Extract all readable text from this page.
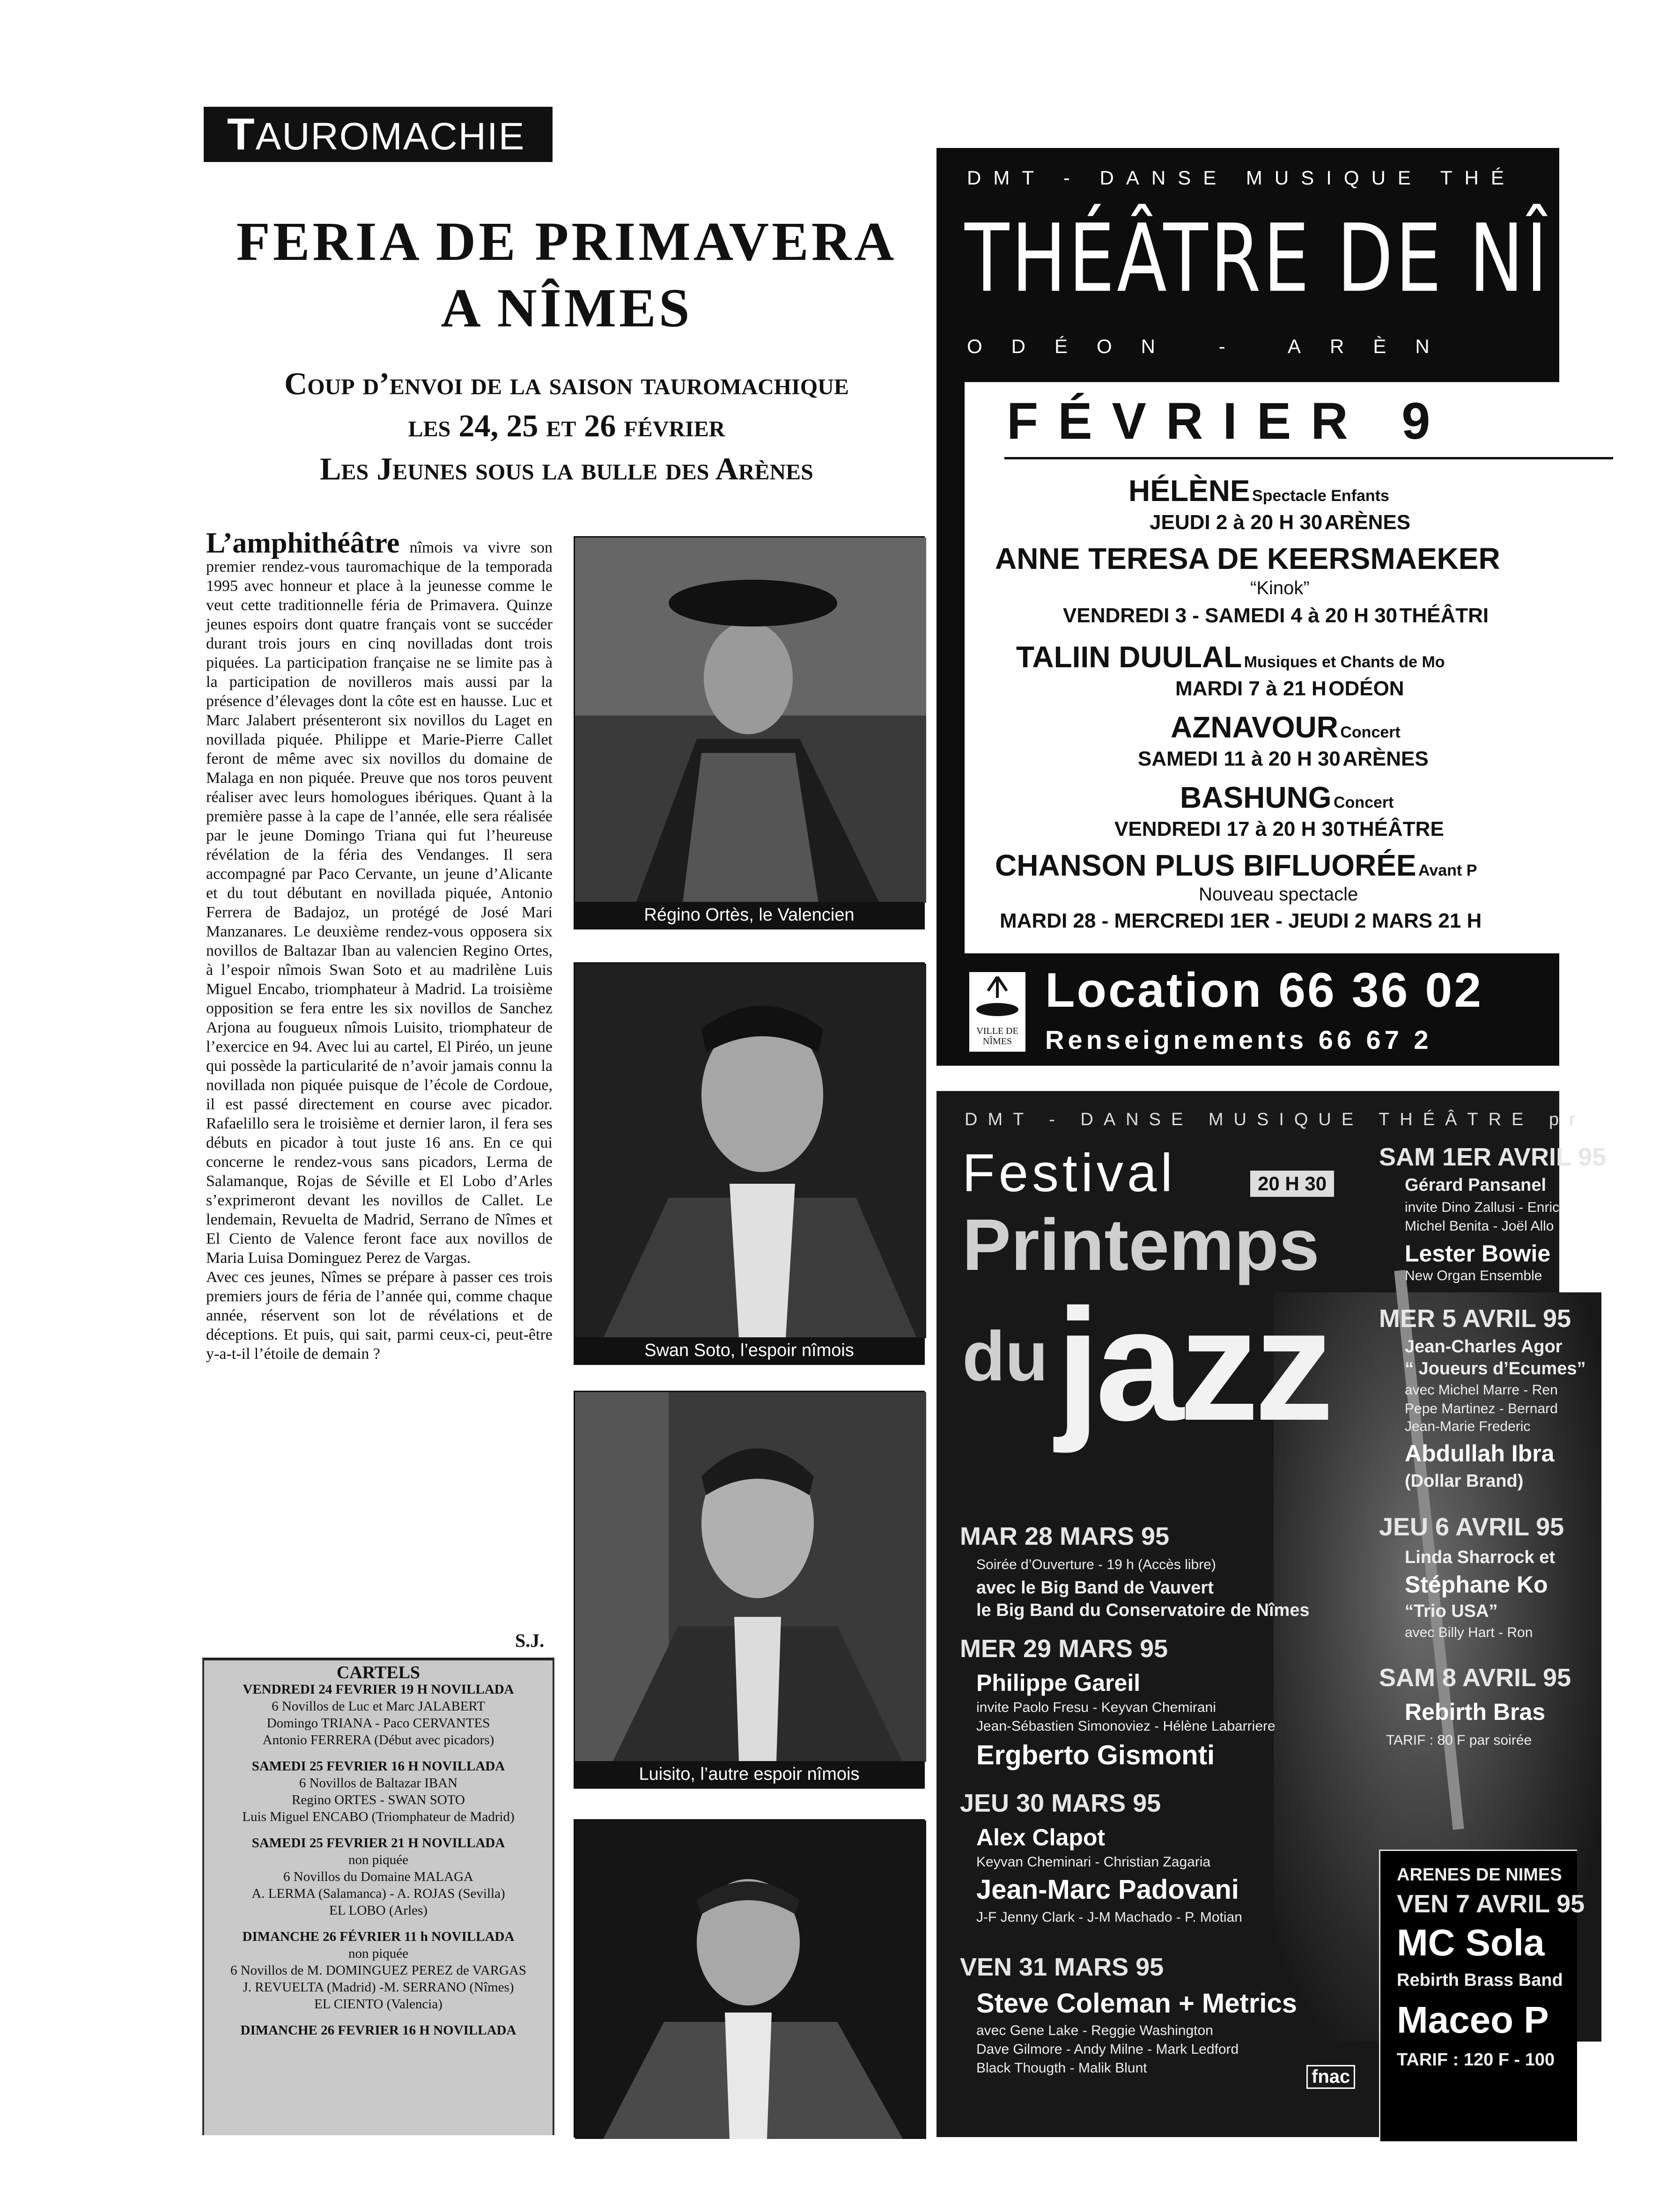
TAUROMACHIE
FERIA DE PRIMAVERA
A NÎMES
Coup d’envoi de la saison tauromachique
les 24, 25 et 26 février
Les Jeunes sous la bulle des Arènes
L’amphithéâtre nîmois va vivre son premier rendez-vous tauromachique de la temporada 1995 avec honneur et place à la jeunesse comme le veut cette traditionnelle féria de Primavera. Quinze jeunes espoirs dont quatre français vont se succéder durant trois jours en cinq novilladas dont trois piquées. La participation française ne se limite pas à la participation de novilleros mais aussi par la présence d’élevages dont la côte est en hausse. Luc et Marc Jalabert présenteront six novillos du Laget en novillada piquée. Philippe et Marie-Pierre Callet feront de même avec six novillos du domaine de Malaga en non piquée. Preuve que nos toros peuvent réaliser avec leurs homologues ibériques. Quant à la première passe à la cape de l’année, elle sera réalisée par le jeune Domingo Triana qui fut l’heureuse révélation de la féria des Vendanges. Il sera accompagné par Paco Cervante, un jeune d’Alicante et du tout débutant en novillada piquée, Antonio Ferrera de Badajoz, un protégé de José Mari Manzanares. Le deuxième rendez-vous opposera six novillos de Baltazar Iban au valencien Regino Ortes, à l’espoir nîmois Swan Soto et au madrilène Luis Miguel Encabo, triomphateur à Madrid. La troisième opposition se fera entre les six novillos de Sanchez Arjona au fougueux nîmois Luisito, triomphateur de l’exercice en 94. Avec lui au cartel, El Piréo, un jeune qui possède la particularité de n’avoir jamais connu la novillada non piquée puisque de l’école de Cordoue, il est passé directement en course avec picador. Rafaelillo sera le troisième et dernier laron, il fera ses débuts en picador à tout juste 16 ans. En ce qui concerne le rendez-vous sans picadors, Lerma de Salamanque, Rojas de Séville et El Lobo d’Arles s’exprimeront devant les novillos de Callet. Le lendemain, Revuelta de Madrid, Serrano de Nîmes et El Ciento de Valence feront face aux novillos de Maria Luisa Dominguez Perez de Vargas.
Avec ces jeunes, Nîmes se prépare à passer ces trois premiers jours de féria de l’année qui, comme chaque année, réservent son lot de révélations et de déceptions. Et puis, qui sait, parmi ceux-ci, peut-être y-a-t-il l’étoile de demain ?
S.J.
Régino Ortès, le Valencien
Swan Soto, l’espoir nîmois
Luisito, l’autre espoir nîmois
CARTELS
VENDREDI 24 FEVRIER 19 H NOVILLADA
6 Novillos de Luc et Marc JALABERT
Domingo TRIANA - Paco CERVANTES
Antonio FERRERA (Début avec picadors)
SAMEDI 25 FEVRIER 16 H NOVILLADA
6 Novillos de Baltazar IBAN
Regino ORTES - SWAN SOTO
Luis Miguel ENCABO (Triomphateur de Madrid)
SAMEDI 25 FEVRIER 21 H NOVILLADA
non piquée
6 Novillos du Domaine MALAGA
A. LERMA (Salamanca) - A. ROJAS (Sevilla)
EL LOBO (Arles)
DIMANCHE 26 FÉVRIER 11 h NOVILLADA
non piquée
6 Novillos de M. DOMINGUEZ PEREZ de VARGAS
J. REVUELTA (Madrid) -M. SERRANO (Nîmes)
EL CIENTO (Valencia)
DIMANCHE 26 FEVRIER 16 H NOVILLADA
DMT - DANSE MUSIQUE THÉ
THÉÂTRE DE NÎ
ODÉON - ARÈN
FÉVRIER 9
HÉLÈNE Spectacle Enfants
JEUDI 2 à 20 H 30 ARÈNES
ANNE TERESA DE KEERSMAEKER
“Kinok”
VENDREDI 3 - SAMEDI 4 à 20 H 30 THÉÂTRI
TALIIN DUULAL Musiques et Chants de Mo
MARDI 7 à 21 H ODÉON
AZNAVOUR Concert
SAMEDI 11 à 20 H 30 ARÈNES
BASHUNG Concert
VENDREDI 17 à 20 H 30 THÉÂTRE
CHANSON PLUS BIFLUORÉE Avant P
Nouveau spectacle
MARDI 28 - MERCREDI 1ER - JEUDI 2 MARS 21 H
VILLE DE NÎMES
Location 66 36 02
Renseignements 66 67 2
DMT - DANSE MUSIQUE THÉÂTRE pr
Festival	20 H 30
Printemps
du jazz
MAR 28 MARS 95
Soirée d’Ouverture - 19 h (Accès libre)
avec le Big Band de Vauvert
le Big Band du Conservatoire de Nîmes
MER 29 MARS 95
Philippe Gareil
invite Paolo Fresu - Keyvan Chemirani
Jean-Sébastien Simonoviez - Hélène Labarriere
Ergberto Gismonti
JEU 30 MARS 95
Alex Clapot
Keyvan Cheminari - Christian Zagaria
Jean-Marc Padovani
J-F Jenny Clark - J-M Machado - P. Motian
VEN 31 MARS 95
Steve Coleman + Metrics
avec Gene Lake - Reggie Washington
Dave Gilmore - Andy Milne - Mark Ledford
Black Thougth - Malik Blunt
SAM 1ER AVRIL 95
Gérard Pansanel
invite Dino Zallusi - Enric
Michel Benita - Joël Allo
Lester Bowie
New Organ Ensemble
MER 5 AVRIL 95
Jean-Charles Agor
“ Joueurs d’Ecumes”
avec Michel Marre - Ren
Pepe Martinez - Bernard
Jean-Marie Frederic
Abdullah Ibra
(Dollar Brand)
JEU 6 AVRIL 95
Linda Sharrock et
Stéphane Ko
“Trio USA”
avec Billy Hart - Ron
SAM 8 AVRIL 95
Rebirth Bras
TARIF : 80 F par soirée
ARENES DE NIMES
VEN 7 AVRIL 95
MC Sola
Rebirth Brass Band
Maceo P
TARIF : 120 F - 100
fnac
